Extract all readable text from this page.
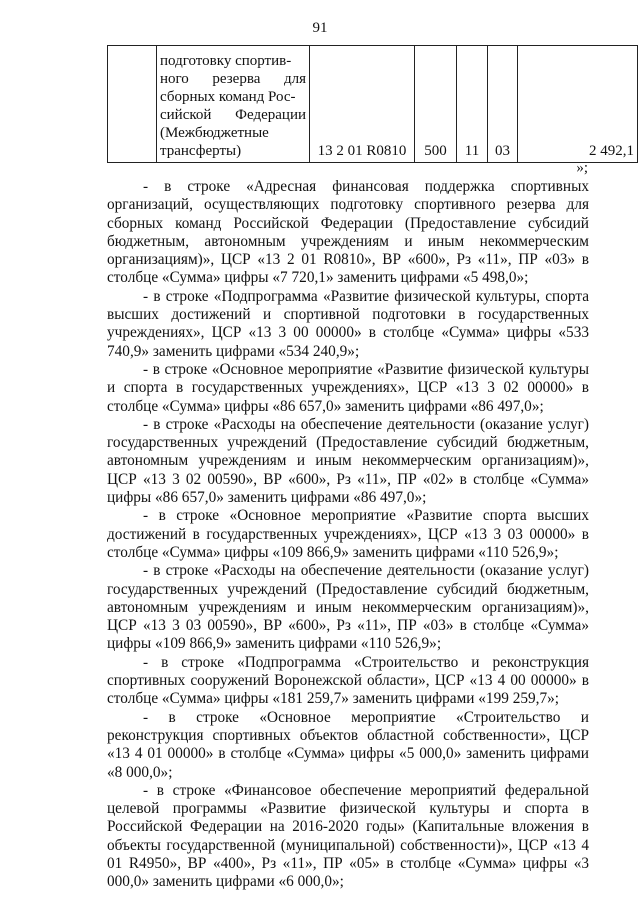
91

подготовку спортив-
ного резерва для
сборных команд Рос-
сийской Федерации
(Межбюджетные
трансферты)	13 2 01 R0810	500	11	03	2 492,1
»;

- в строке «Адресная финансовая поддержка спортивных организаций, осуществляющих подготовку спортивного резерва для сборных команд Российской Федерации (Предоставление субсидий бюджетным, автономным учреждениям и иным некоммерческим организациям)», ЦСР «13 2 01 R0810», ВР «600», Рз «11», ПР «03» в столбце «Сумма» цифры «7 720,1» заменить цифрами «5 498,0»;

- в строке «Подпрограмма «Развитие физической культуры, спорта высших достижений и спортивной подготовки в государственных учреждениях», ЦСР «13 3 00 00000» в столбце «Сумма» цифры «533 740,9» заменить цифрами «534 240,9»;

- в строке «Основное мероприятие «Развитие физической культуры и спорта в государственных учреждениях», ЦСР «13 3 02 00000» в столбце «Сумма» цифры «86 657,0» заменить цифрами «86 497,0»;

- в строке «Расходы на обеспечение деятельности (оказание услуг) государственных учреждений (Предоставление субсидий бюджетным, автономным учреждениям и иным некоммерческим организациям)», ЦСР «13 3 02 00590», ВР «600», Рз «11», ПР «02» в столбце «Сумма» цифры «86 657,0» заменить цифрами «86 497,0»;

- в строке «Основное мероприятие «Развитие спорта высших достижений в государственных учреждениях», ЦСР «13 3 03 00000» в столбце «Сумма» цифры «109 866,9» заменить цифрами «110 526,9»;

- в строке «Расходы на обеспечение деятельности (оказание услуг) государственных учреждений (Предоставление субсидий бюджетным, автономным учреждениям и иным некоммерческим организациям)», ЦСР «13 3 03 00590», ВР «600», Рз «11», ПР «03» в столбце «Сумма» цифры «109 866,9» заменить цифрами «110 526,9»;

- в строке «Подпрограмма «Строительство и реконструкция спортивных сооружений Воронежской области», ЦСР «13 4 00 00000» в столбце «Сумма» цифры «181 259,7» заменить цифрами «199 259,7»;

- в строке «Основное мероприятие «Строительство и реконструкция спортивных объектов областной собственности», ЦСР «13 4 01 00000» в столбце «Сумма» цифры «5 000,0» заменить цифрами «8 000,0»;

- в строке «Финансовое обеспечение мероприятий федеральной целевой программы «Развитие физической культуры и спорта в Российской Федерации на 2016-2020 годы» (Капитальные вложения в объекты государственной (муниципальной) собственности)», ЦСР «13 4 01 R4950», ВР «400», Рз «11», ПР «05» в столбце «Сумма» цифры «3 000,0» заменить цифрами «6 000,0»;
